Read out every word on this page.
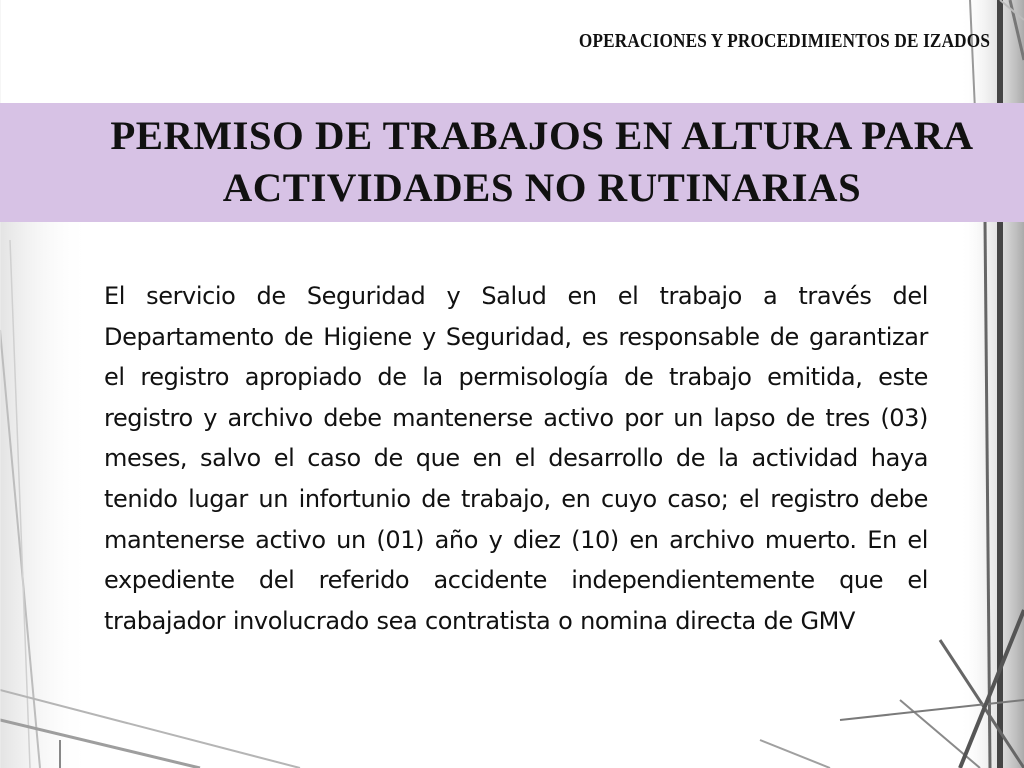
OPERACIONES Y PROCEDIMIENTOS DE IZADOS
PERMISO DE TRABAJOS EN ALTURA PARA
ACTIVIDADES NO RUTINARIAS
El servicio de Seguridad y Salud en el trabajo a través del Departamento de Higiene y Seguridad, es responsable de garantizar el registro apropiado de la permisología de trabajo emitida, este registro y archivo debe mantenerse activo por un lapso de tres (03) meses, salvo el caso de que en el desarrollo de la actividad haya tenido lugar un infortunio de trabajo, en cuyo caso; el registro debe mantenerse activo un (01) año y diez (10) en archivo muerto. En el expediente del referido accidente independientemente que el trabajador involucrado sea contratista o nomina directa de GMV
